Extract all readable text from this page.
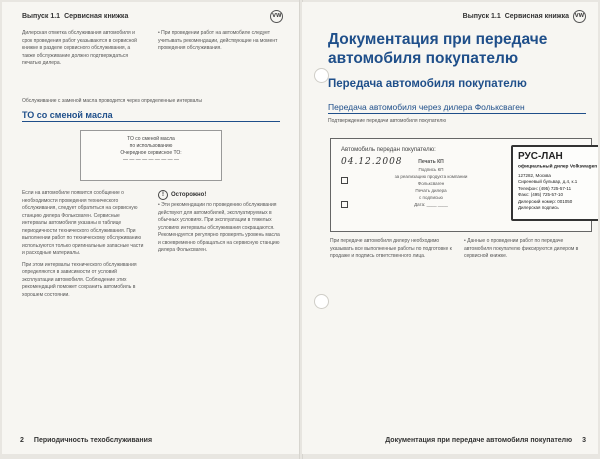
Выпуск 1.1 Сервисная книжка	VW

Дилерская отметка обслуживания автомобиля и срок проведения работ указываются в сервисной книжке в разделе сервисного обслуживания, а также обслуживание должно подтверждаться печатью дилера.

• При проведении работ на автомобиле следует учитывать рекомендации, действующие на момент проведения обслуживания.

Обслуживание с заменой масла проводится через определенные интервалы
ТО со сменой масла
ТО со сменой масла
по использованию
Очередное сервисное ТО:
— — — — — — — — —

Если на автомобиле появится сообщение о необходимости проведения технического обслуживания, следует обратиться на сервисную станцию дилера Фольксваген. Сервисные интервалы автомобиля указаны в таблице периодичности технического обслуживания. При выполнении работ по техническому обслуживанию используются только оригинальные запасные части и расходные материалы.

При этом интервалы технического обслуживания определяются в зависимости от условий эксплуатации автомобиля. Соблюдение этих рекомендаций поможет сохранить автомобиль в хорошем состоянии.

!	Осторожно!

• Эти рекомендации по проведению обслуживания действуют для автомобилей, эксплуатируемых в обычных условиях. При эксплуатации в тяжелых условиях интервалы обслуживания сокращаются. Рекомендуется регулярно проверять уровень масла и своевременно обращаться на сервисную станцию дилера Фольксваген.

2 Периодичность техобслуживания
Выпуск 1.1 Сервисная книжка	VW
Документация при передаче автомобиля покупателю
Передача автомобиля покупателю
Передача автомобиля через дилера Фольксваген
Подтверждение передачи автомобиля покупателю
Автомобиль передан покупателю:
04.12.2008	Печать КП
Подпись КП
за реализацию продукта компании
Фольксваген
Печать дилера
с подписью
Дата: ____ ____
РУС-ЛАН
официальный дилер Volkswagen
127282, Москва
Сиреневый бульвар, д.4, к.1
Телефон: (495) 725-57-11
Факс: (495) 725-57-10
Дилерский номер: 001050
Дилерская подпись

При передаче автомобиля дилеру необходимо указывать все выполненные работы по подготовке к продаже и подпись ответственного лица.

• Данные о проведении работ по передаче автомобиля покупателю фиксируются дилером в сервисной книжке.

Документация при передаче автомобиля покупателю 3
